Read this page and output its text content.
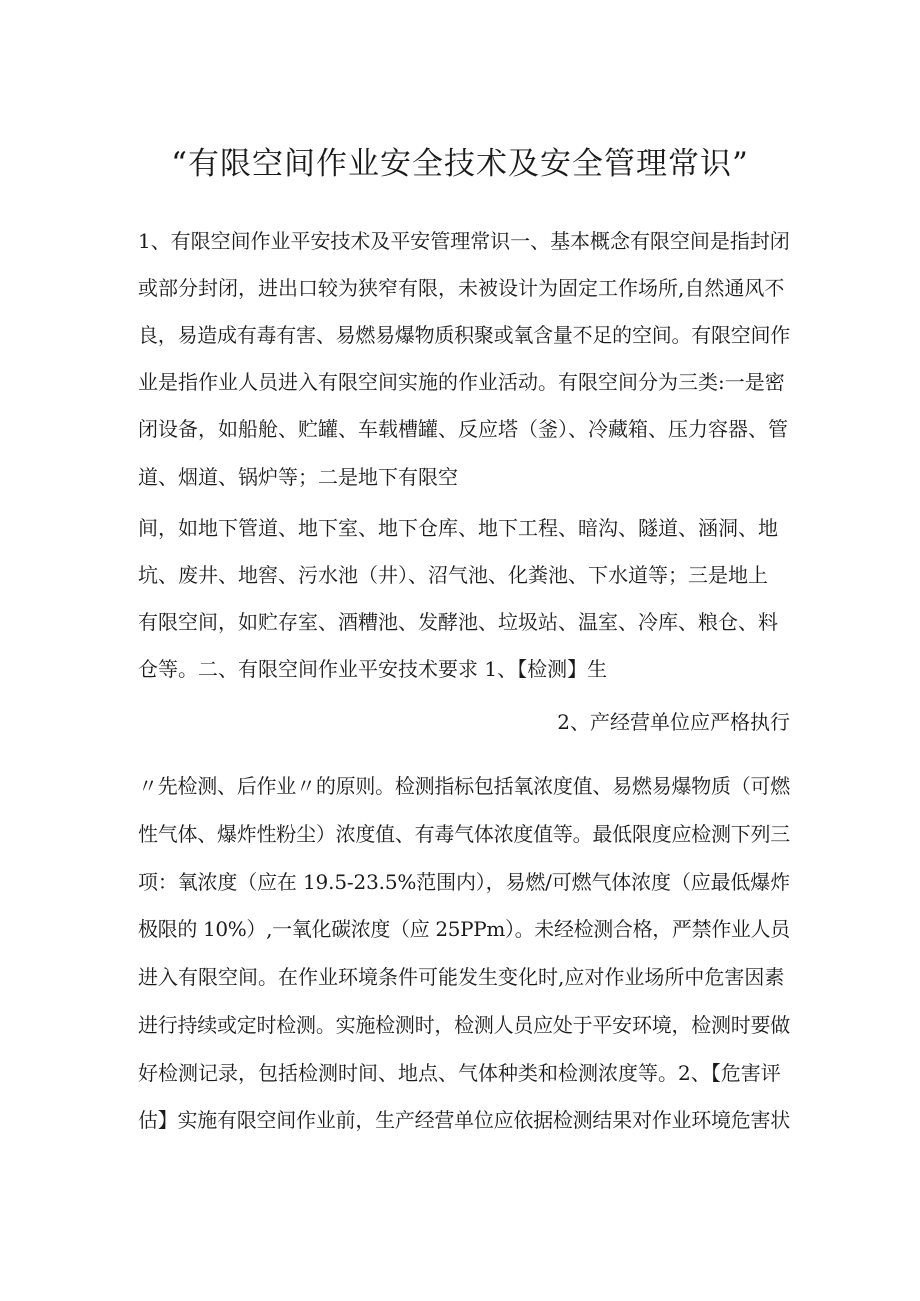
“有限空间作业安全技术及安全管理常识”
1、有限空间作业平安技术及平安管理常识一、基本概念有限空间是指封闭
或部分封闭，进出口较为狭窄有限，未被设计为固定工作场所,自然通风不
良，易造成有毒有害、易燃易爆物质积聚或氧含量不足的空间。有限空间作
业是指作业人员进入有限空间实施的作业活动。有限空间分为三类:一是密
闭设备，如船舱、贮罐、车载槽罐、反应塔（釜）、冷藏箱、压力容器、管
道、烟道、锅炉等；二是地下有限空
间，如地下管道、地下室、地下仓库、地下工程、暗沟、隧道、涵洞、地
坑、废井、地窖、污水池（井）、沼气池、化粪池、下水道等；三是地上
有限空间，如贮存室、酒糟池、发酵池、垃圾站、温室、冷库、粮仓、料
仓等。二、有限空间作业平安技术要求 1、【检测】生
2、产经营单位应严格执行
〃先检测、后作业〃的原则。检测指标包括氧浓度值、易燃易爆物质（可燃
性气体、爆炸性粉尘）浓度值、有毒气体浓度值等。最低限度应检测下列三
项：氧浓度（应在 19.5-23.5%范围内），易燃/可燃气体浓度（应最低爆炸
极限的 10%）,一氧化碳浓度（应 25PPm）。未经检测合格，严禁作业人员
进入有限空间。在作业环境条件可能发生变化时,应对作业场所中危害因素
进行持续或定时检测。实施检测时，检测人员应处于平安环境，检测时要做
好检测记录，包括检测时间、地点、气体种类和检测浓度等。2、【危害评
估】实施有限空间作业前，生产经营单位应依据检测结果对作业环境危害状
